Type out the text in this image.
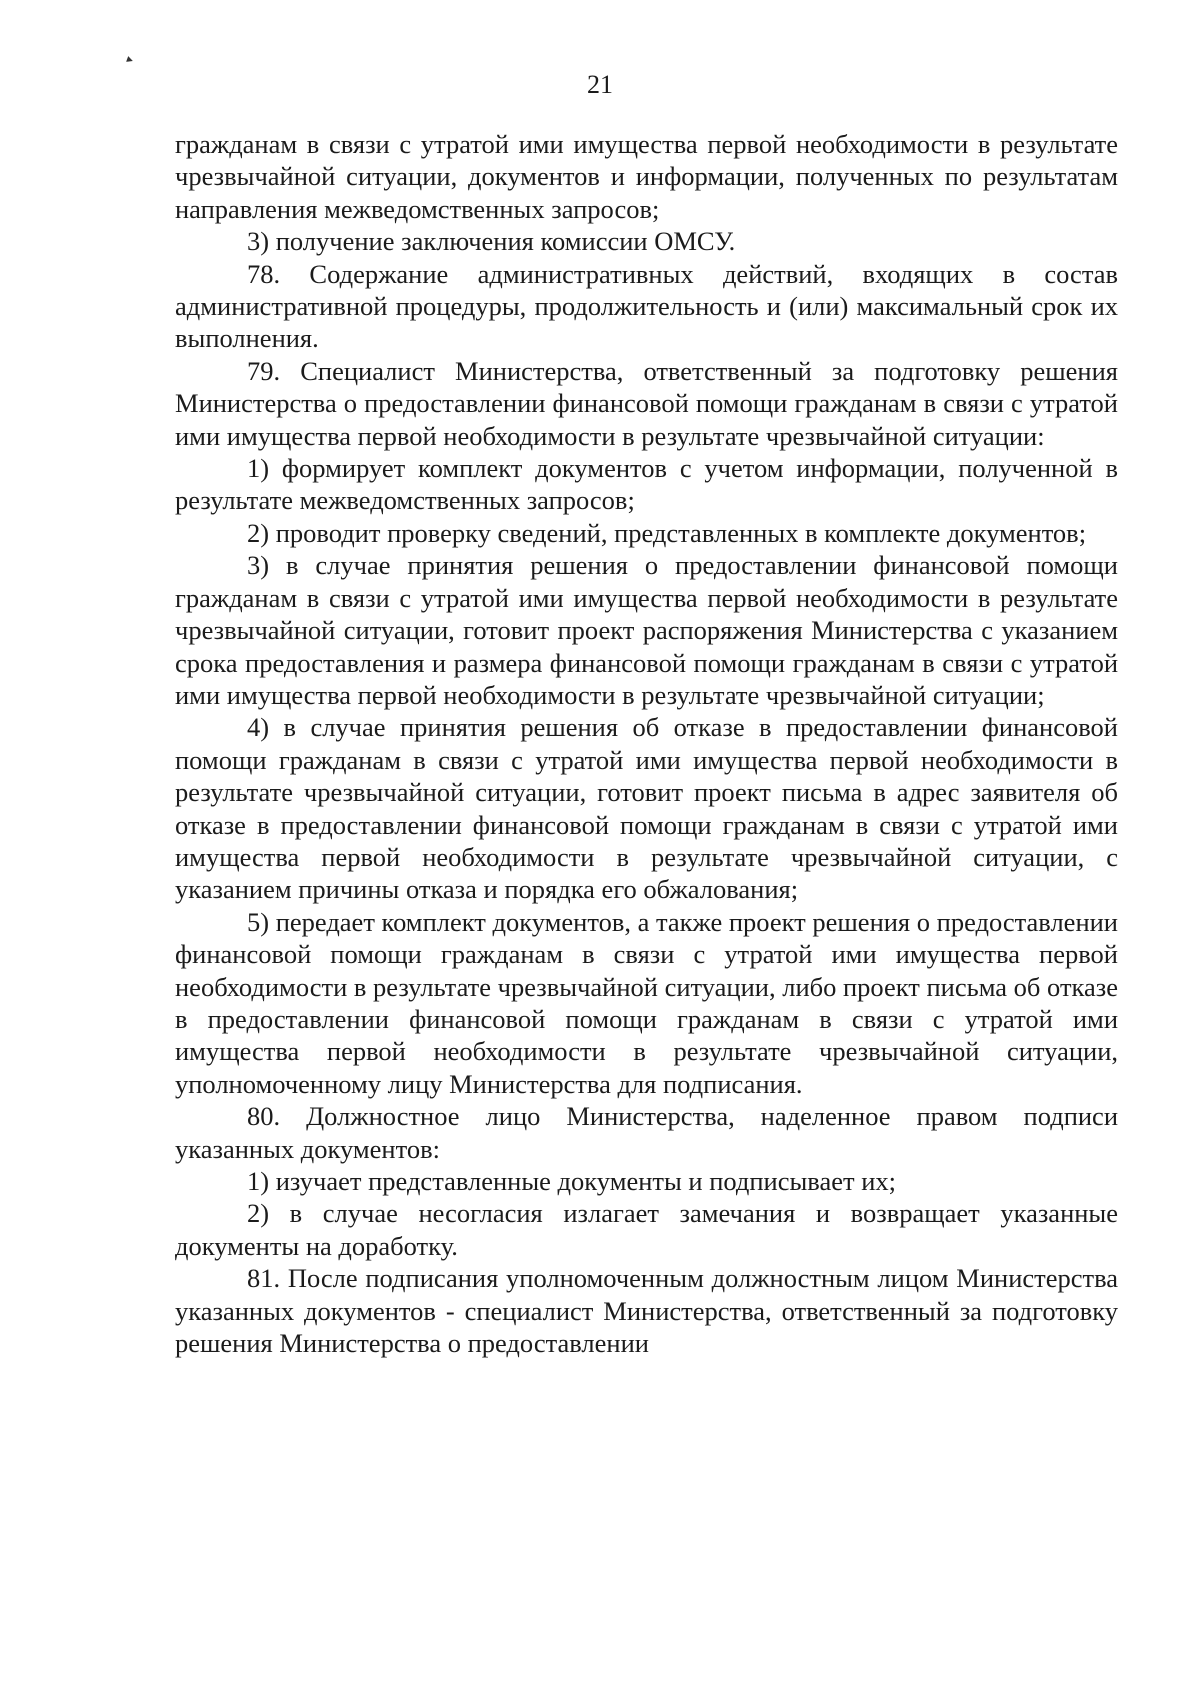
21

гражданам в связи с утратой ими имущества первой необходимости в результате чрезвычайной ситуации, документов и информации, полученных по результатам направления межведомственных запросов;

3) получение заключения комиссии ОМСУ.

78. Содержание административных действий, входящих в состав административной процедуры, продолжительность и (или) максимальный срок их выполнения.

79. Специалист Министерства, ответственный за подготовку решения Министерства о предоставлении финансовой помощи гражданам в связи с утратой ими имущества первой необходимости в результате чрезвычайной ситуации:

1) формирует комплект документов с учетом информации, полученной в результате межведомственных запросов;

2) проводит проверку сведений, представленных в комплекте документов;

3) в случае принятия решения о предоставлении финансовой помощи гражданам в связи с утратой ими имущества первой необходимости в результате чрезвычайной ситуации, готовит проект распоряжения Министерства с указанием срока предоставления и размера финансовой помощи гражданам в связи с утратой ими имущества первой необходимости в результате чрезвычайной ситуации;

4) в случае принятия решения об отказе в предоставлении финансовой помощи гражданам в связи с утратой ими имущества первой необходимости в результате чрезвычайной ситуации, готовит проект письма в адрес заявителя об отказе в предоставлении финансовой помощи гражданам в связи с утратой ими имущества первой необходимости в результате чрезвычайной ситуации, с указанием причины отказа и порядка его обжалования;

5) передает комплект документов, а также проект решения о предоставлении финансовой помощи гражданам в связи с утратой ими имущества первой необходимости в результате чрезвычайной ситуации, либо проект письма об отказе в предоставлении финансовой помощи гражданам в связи с утратой ими имущества первой необходимости в результате чрезвычайной ситуации, уполномоченному лицу Министерства для подписания.

80. Должностное лицо Министерства, наделенное правом подписи указанных документов:

1) изучает представленные документы и подписывает их;

2) в случае несогласия излагает замечания и возвращает указанные документы на доработку.

81. После подписания уполномоченным должностным лицом Министерства указанных документов - специалист Министерства, ответственный за подготовку решения Министерства о предоставлении
